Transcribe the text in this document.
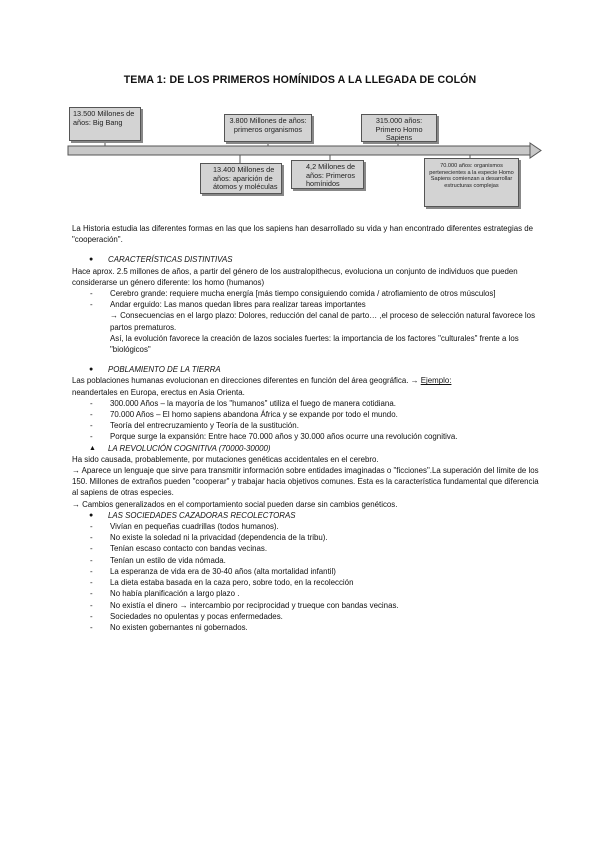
TEMA 1: DE LOS PRIMEROS HOMÍNIDOS A LA LLEGADA DE COLÓN
13.500 Millones de años: Big Bang
13.400 Millones de años: aparición de átomos y moléculas
3.800 Millones de años: primeros organismos
4,2 Millones de años: Primeros homínidos
315.000 años: Primero Homo Sapiens
70.000 años: organismos pertenecientes a la especie Homo Sapiens comienzan a desarrollar estructuras complejas

La Historia estudia las diferentes formas en las que los sapiens han desarrollado su vida y han encontrado diferentes estrategias de "cooperación".

● CARACTERÍSTICAS DISTINTIVAS

Hace aprox. 2.5 millones de años, a partir del género de los australopithecus, evoluciona un conjunto de individuos que pueden considerarse un género diferente: los homo (humanos)

- Cerebro grande: requiere mucha energía [más tiempo consiguiendo comida / atrofiamiento de otros músculos]
- Andar erguido: Las manos quedan libres para realizar tareas importantes

→ Consecuencias en el largo plazo: Dolores, reducción del canal de parto… ,el proceso de selección natural favorece los partos prematuros.

Así, la evolución favorece la creación de lazos sociales fuertes: la importancia de los factores "culturales" frente a los "biológicos"

● POBLAMIENTO DE LA TIERRA

Las poblaciones humanas evolucionan en direcciones diferentes en función del área geográfica. → Ejemplo:
neandertales en Europa, erectus en Asia Orienta.

- 300.000 Años – la mayoría de los "humanos" utiliza el fuego de manera cotidiana.
- 70.000 Años – El homo sapiens abandona África y se expande por todo el mundo.
- Teoría del entrecruzamiento y Teoría de la sustitución.
- Porque surge la expansión: Entre hace 70.000 años y 30.000 años ocurre una revolución cognitiva.
▲ LA REVOLUCIÓN COGNITIVA (70000-30000)

Ha sido causada, probablemente, por mutaciones genéticas accidentales en el cerebro.

→ Aparece un lenguaje que sirve para transmitir información sobre entidades imaginadas o "ficciones".La superación del límite de los 150. Millones de extraños pueden "cooperar" y trabajar hacia objetivos comunes. Esta es la característica fundamental que diferencia al sapiens de otras especies.

→ Cambios generalizados en el comportamiento social pueden darse sin cambios genéticos.

● LAS SOCIEDADES CAZADORAS RECOLECTORAS
- Vivían en pequeñas cuadrillas (todos humanos).
- No existe la soledad ni la privacidad (dependencia de la tribu).
- Tenían escaso contacto con bandas vecinas.
- Tenían un estilo de vida nómada.
- La esperanza de vida era de 30-40 años (alta mortalidad infantil)
- La dieta estaba basada en la caza pero, sobre todo, en la recolección
- No había planificación a largo plazo .
- No existía el dinero → intercambio por reciprocidad y trueque con bandas vecinas.
- Sociedades no opulentas y pocas enfermedades.
- No existen gobernantes ni gobernados.
